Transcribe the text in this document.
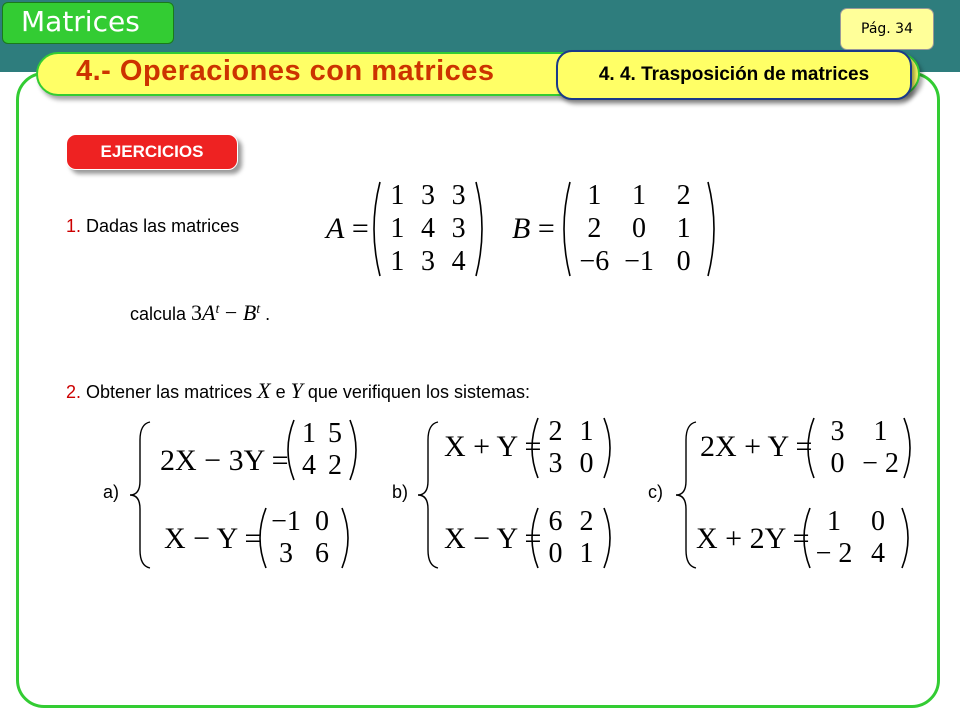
Matrices	Pág. 34
4.- Operaciones con matrices	4. 4. Trasposición de matrices
EJERCICIOS
1. Dadas las matrices	A =
1 3 3
1 4 3
1 3 4
B =
1	1	2
2	0	1
−6 −1 0
calcula $3A^t - B^t$ .
2. Obtener las matrices X e Y que verifiquen los sistemas:
a)
2X − 3Y =
1 5
4 2
X − Y =
−1 0
3 6
b)
X + Y = 2 1
3 0
X − Y =
6 2
0 1
c)
2X + Y = 3	1
0 − 2
X + 2Y =
1	0
− 2 4
